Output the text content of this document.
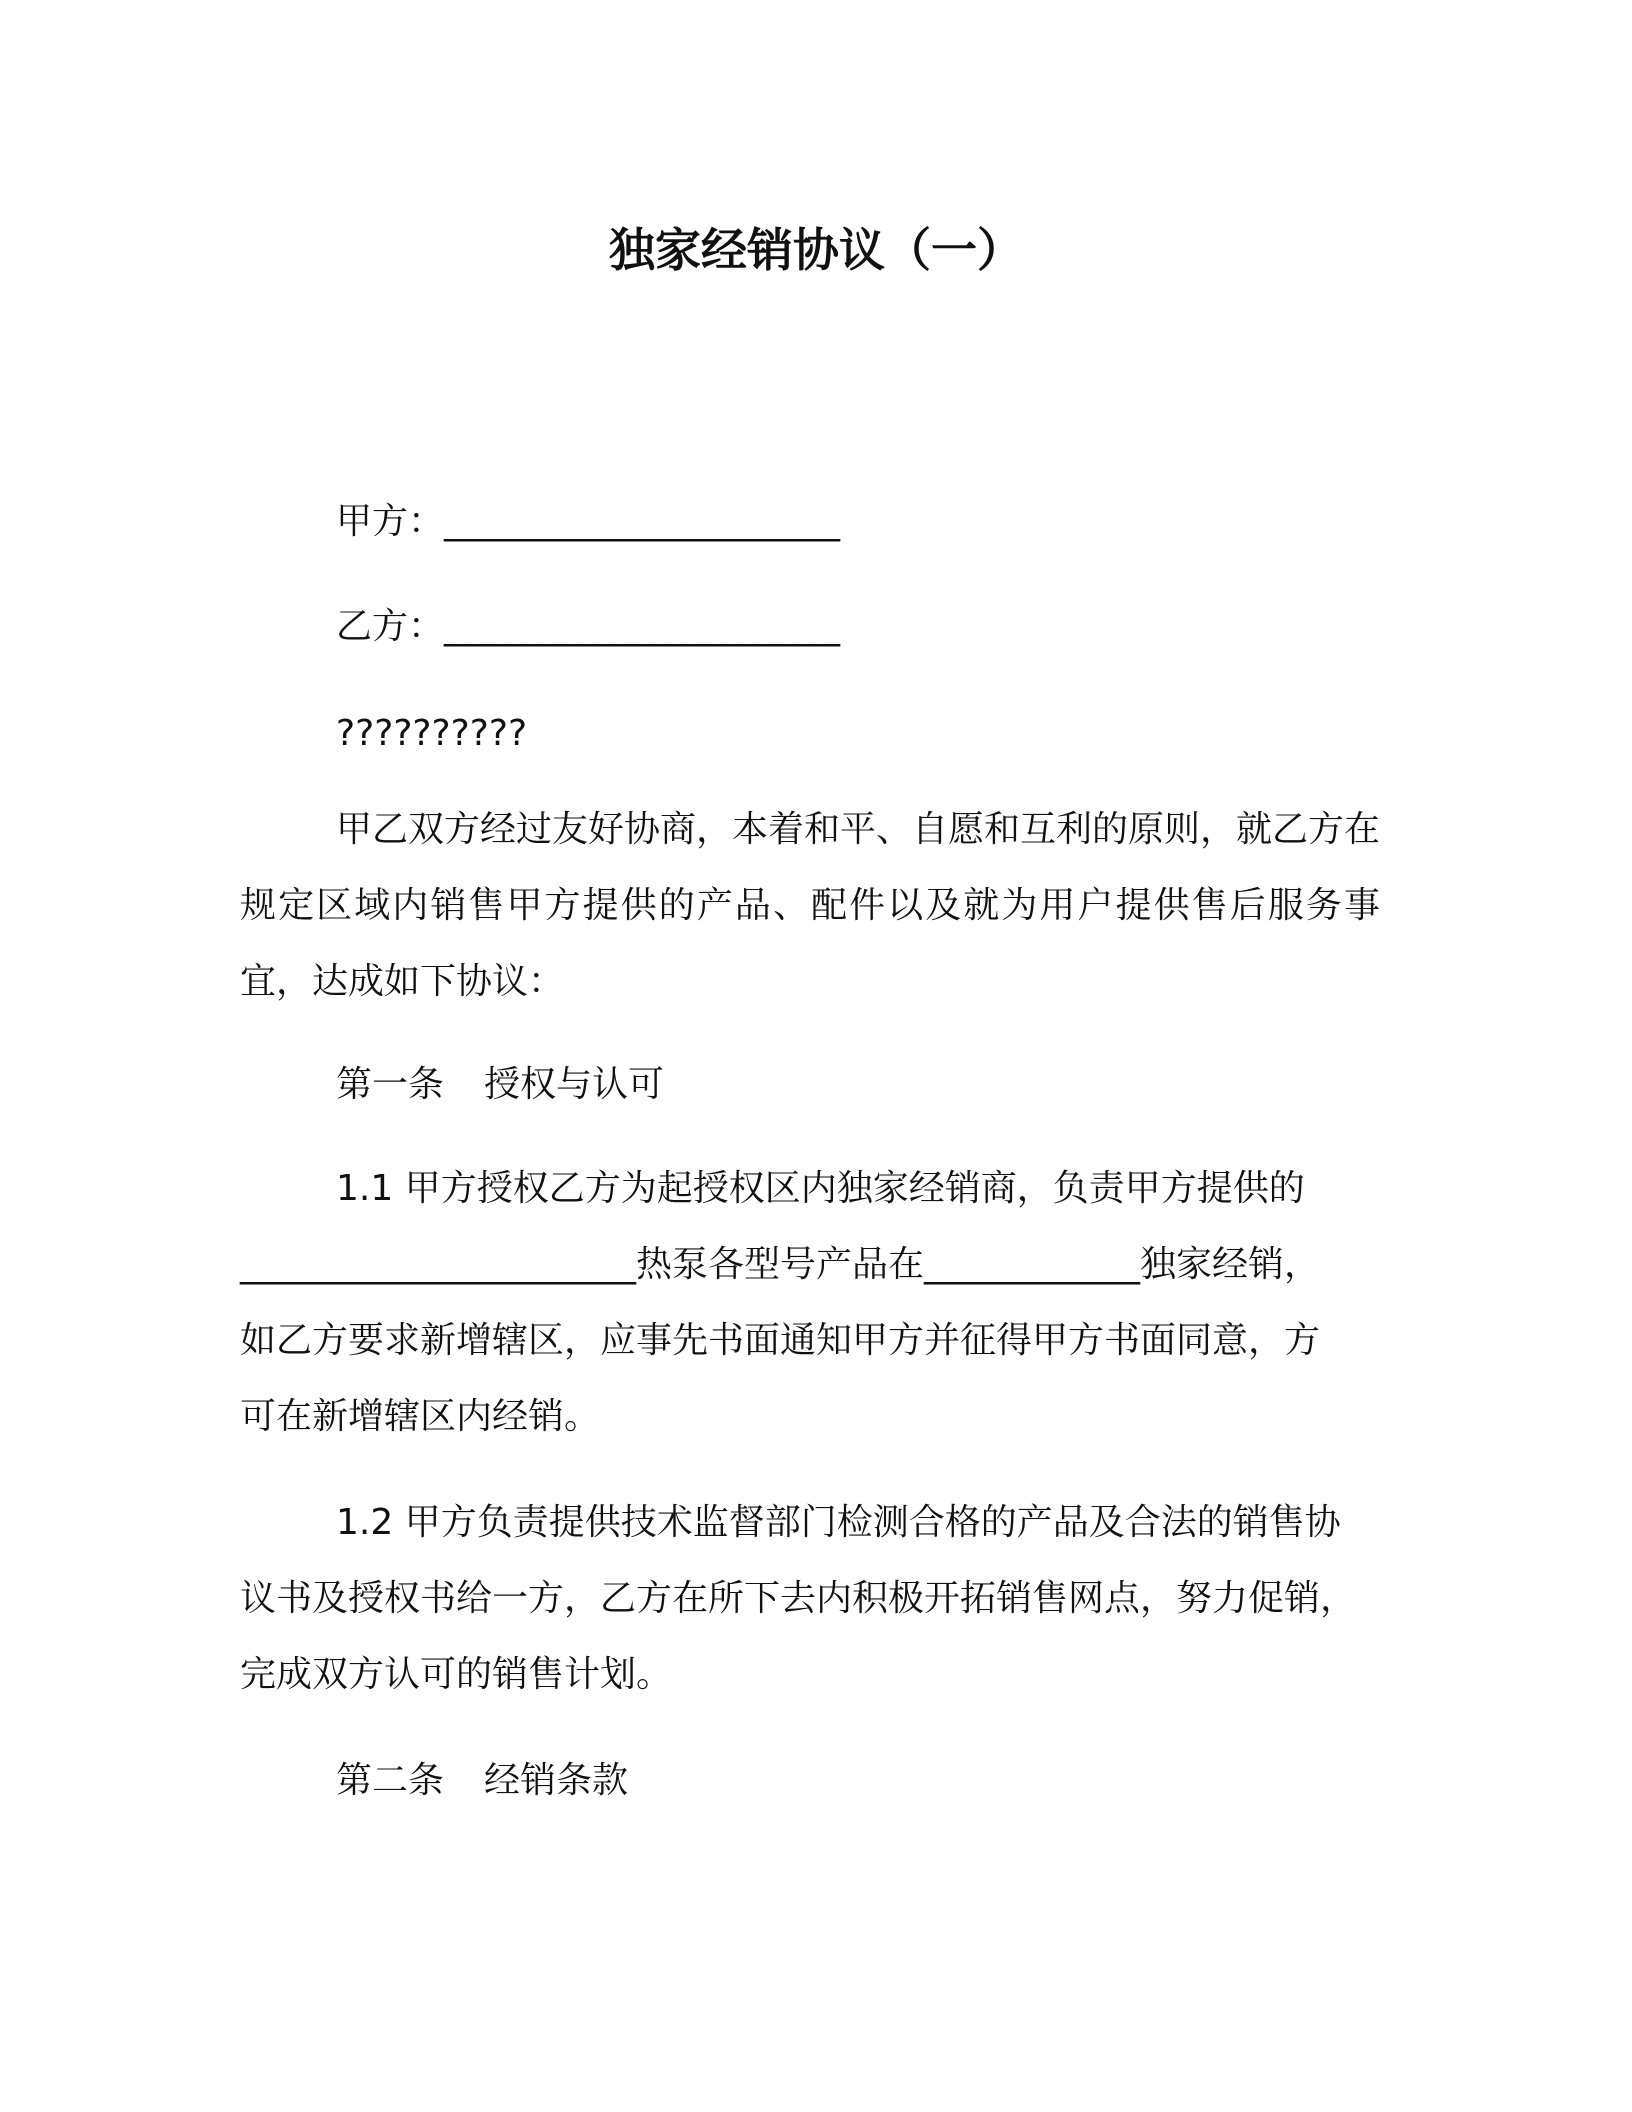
独家经销协议（一）
甲方：______________________
乙方：______________________
??????????
甲乙双方经过友好协商，本着和平、自愿和互利的原则，就乙方在规定区域内销售甲方提供的产品、配件以及就为用户提供售后服务事宜，达成如下协议：
第一条 授权与认可
1.1 甲方授权乙方为起授权区内独家经销商，负责甲方提供的
______________________热泵各型号产品在____________独家经销，
如乙方要求新增辖区，应事先书面通知甲方并征得甲方书面同意，方
可在新增辖区内经销。
1.2 甲方负责提供技术监督部门检测合格的产品及合法的销售协
议书及授权书给一方，乙方在所下去内积极开拓销售网点，努力促销，
完成双方认可的销售计划。
第二条 经销条款
